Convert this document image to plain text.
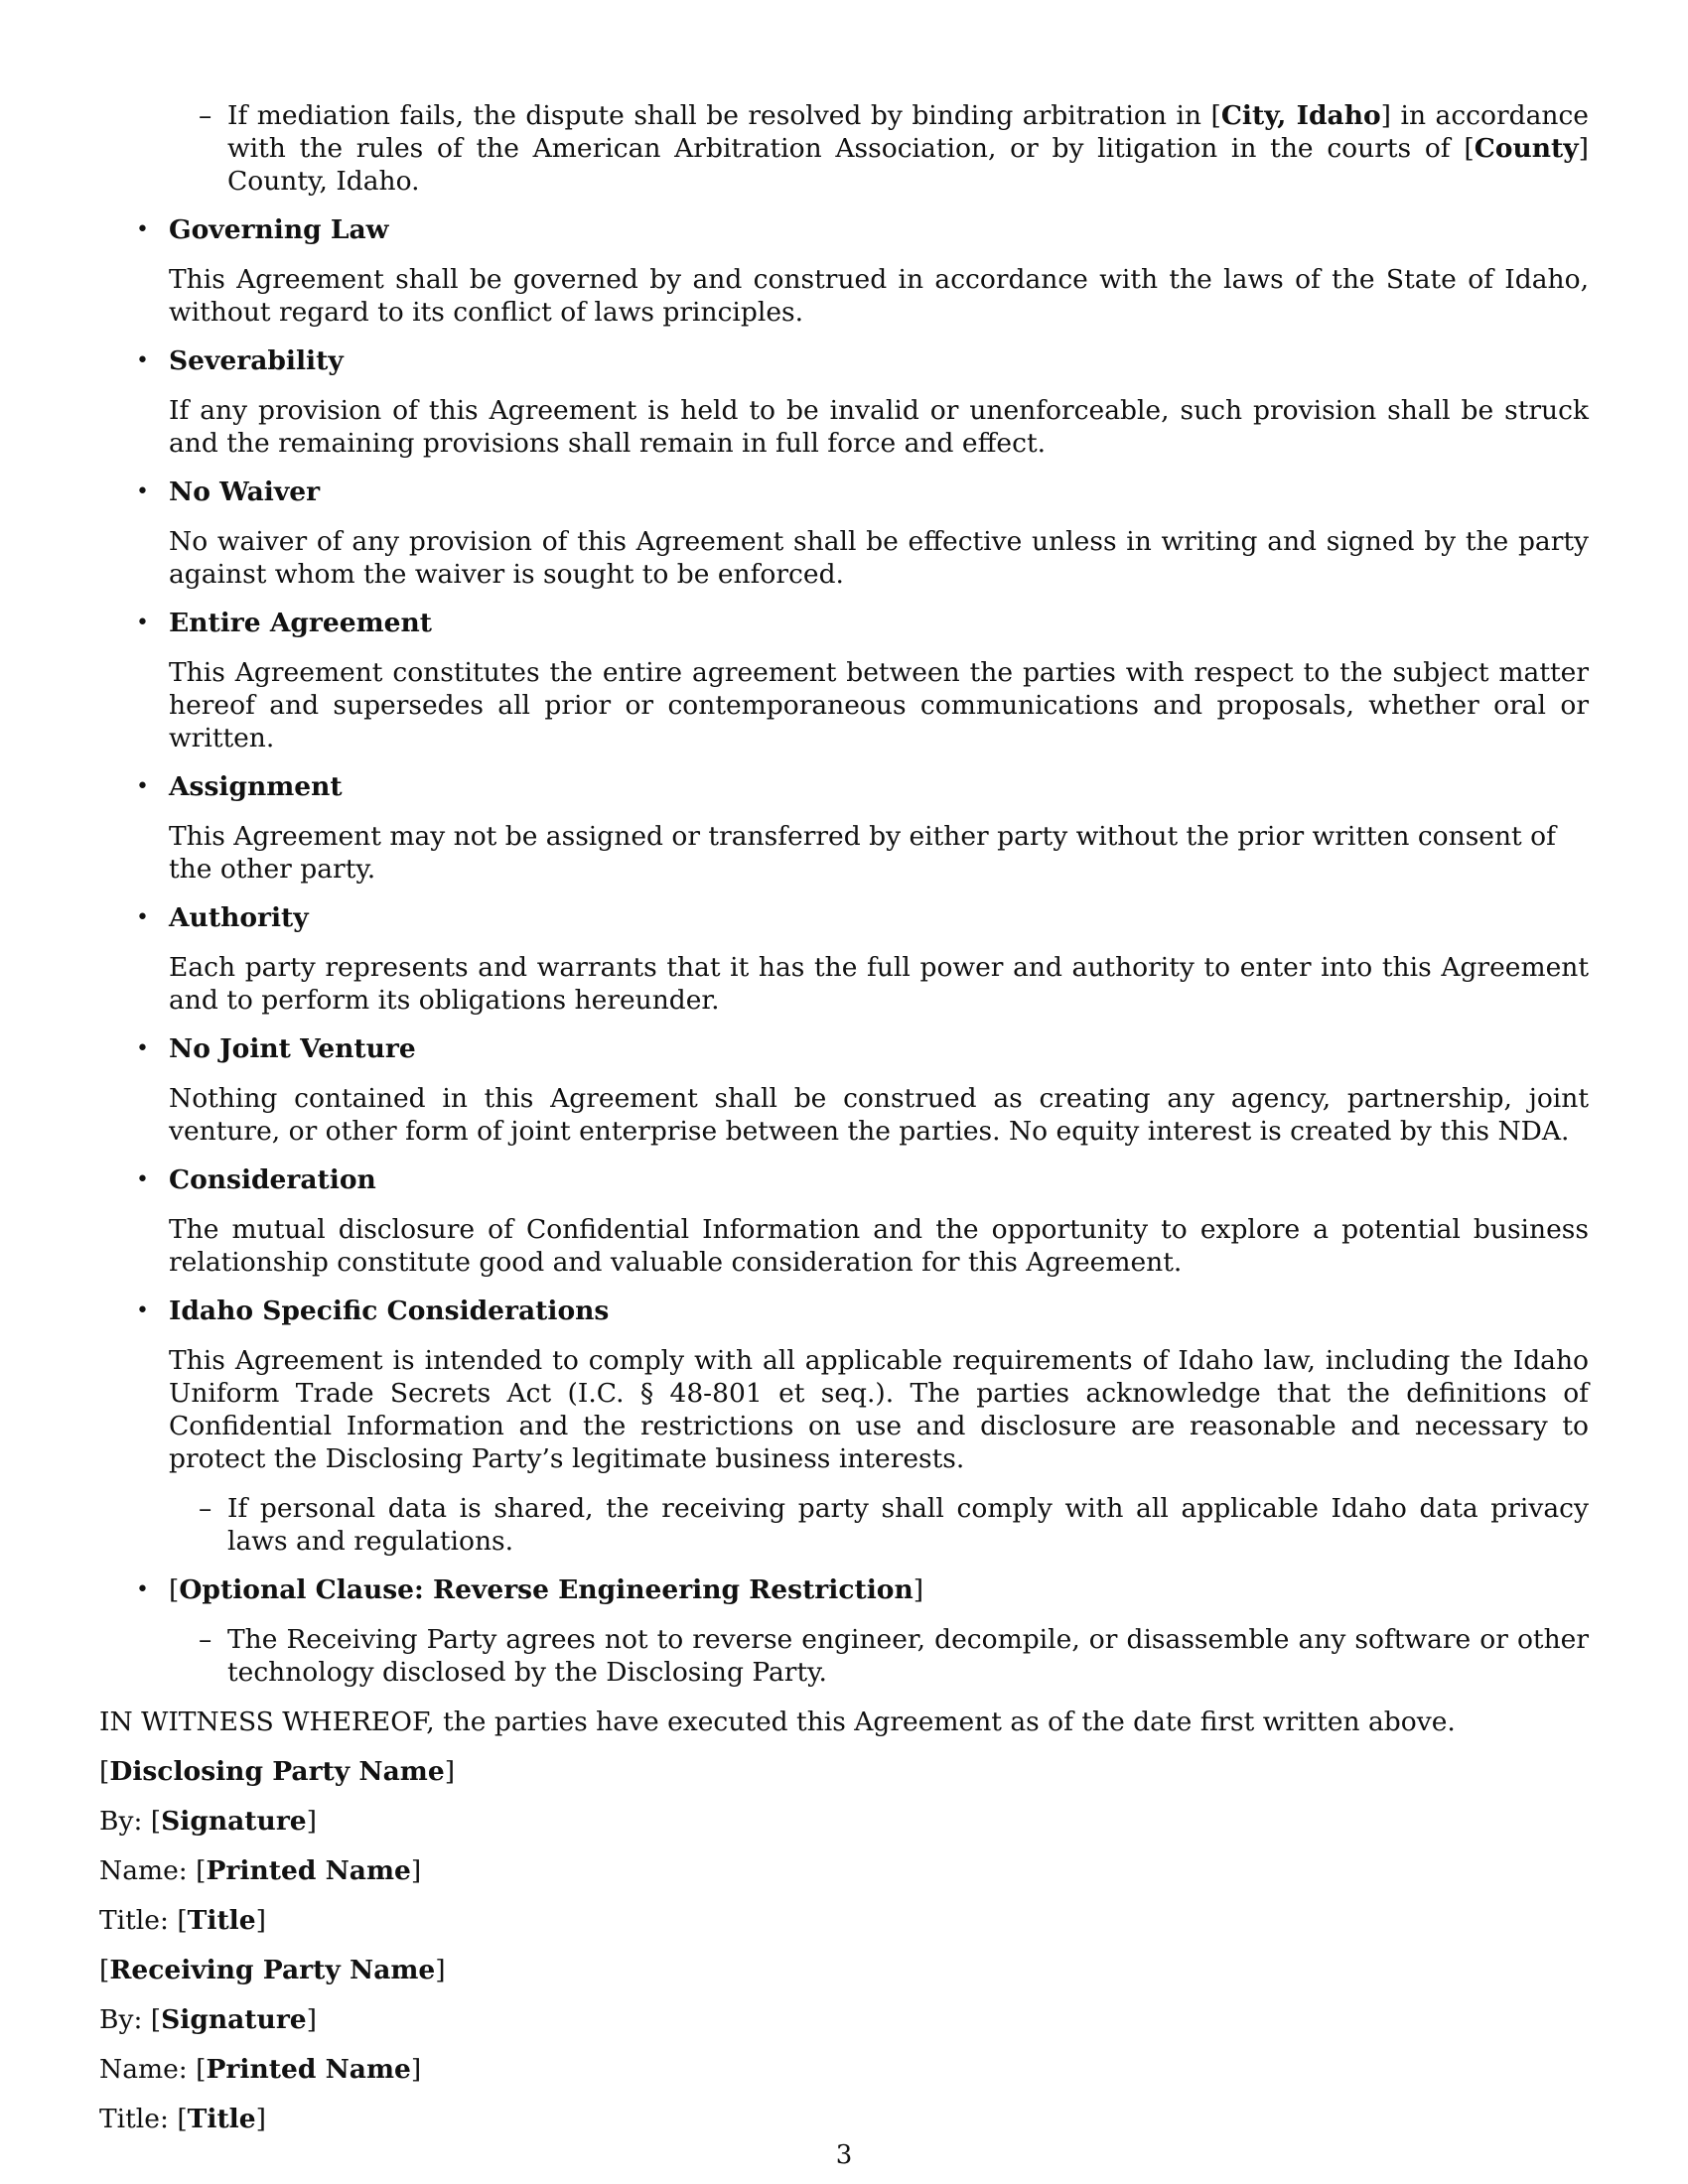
– If mediation fails, the dispute shall be resolved by binding arbitration in [City, Idaho] in accordance with the rules of the American Arbitration Association, or by litigation in the courts of [County] County, Idaho.
• Governing Law

This Agreement shall be governed by and construed in accordance with the laws of the State of Idaho, without regard to its conflict of laws principles.

• Severability

If any provision of this Agreement is held to be invalid or unenforceable, such provision shall be struck and the remaining provisions shall remain in full force and effect.

• No Waiver

No waiver of any provision of this Agreement shall be effective unless in writing and signed by the party against whom the waiver is sought to be enforced.

• Entire Agreement

This Agreement constitutes the entire agreement between the parties with respect to the subject matter hereof and supersedes all prior or contemporaneous communications and proposals, whether oral or written.

• Assignment

This Agreement may not be assigned or transferred by either party without the prior written consent of the other party.

• Authority

Each party represents and warrants that it has the full power and authority to enter into this Agreement and to perform its obligations hereunder.

• No Joint Venture

Nothing contained in this Agreement shall be construed as creating any agency, partnership, joint venture, or other form of joint enterprise between the parties. No equity interest is created by this NDA.

• Consideration

The mutual disclosure of Confidential Information and the opportunity to explore a potential business relationship constitute good and valuable consideration for this Agreement.

• Idaho Specific Considerations

This Agreement is intended to comply with all applicable requirements of Idaho law, including the Idaho Uniform Trade Secrets Act (I.C. § 48-801 et seq.). The parties acknowledge that the definitions of Confidential Information and the restrictions on use and disclosure are reasonable and necessary to protect the Disclosing Party’s legitimate business interests.

– If personal data is shared, the receiving party shall comply with all applicable Idaho data privacy laws and regulations.
• [Optional Clause: Reverse Engineering Restriction]

– The Receiving Party agrees not to reverse engineer, decompile, or disassemble any software or other technology disclosed by the Disclosing Party.

IN WITNESS WHEREOF, the parties have executed this Agreement as of the date first written above.

[Disclosing Party Name]

By: [Signature]

Name: [Printed Name]

Title: [Title]

[Receiving Party Name]

By: [Signature]

Name: [Printed Name]

Title: [Title]

3
